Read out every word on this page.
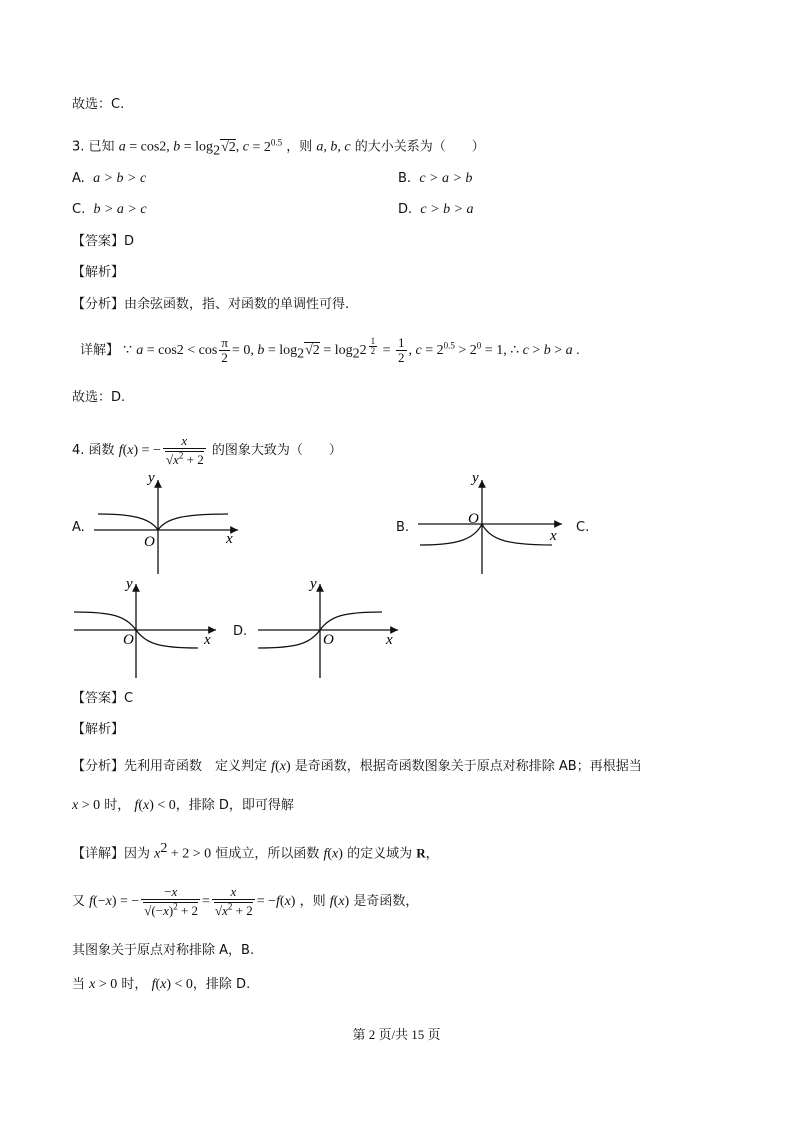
故选：C.
3. 已知 a = cos2, $b = \log_2√2$, $c = 2^{0.5}$ ，则 a, b, c 的大小关系为（　　）
A. a > b > c	B. c > a > b
C. b > a > c	D. c > b > a
【答案】D
【解析】
【分析】由余弦函数，指、对函数的单调性可得.
详解】 ∵ $a = \cos 2 < \cos \frac{\pi}{2} = 0$, $b = \log_2√2 = \log_22$ $^{\frac{1}{2}} = \frac{1}{2}$ , $c = 2^{0.5} > 2^0 = 1$, ∴ c > b > a .
故选：D.
4. 函数 f(x) = − $\frac{x}{√x^2 + 2}$ 的图象大致为（　　）
A.
y
x
O
B.
y
x
O
C.
y
x
O
D.
y
x
O
【答案】C
【解析】
【分析】先利用奇函数　定义判定 f(x) 是奇函数，根据奇函数图象关于原点对称排除 AB；再根据当
x > 0 时， f(x) < 0，排除 D，即可得解
【详解】因为 $x^2 + 2 > 0$ 恒成立，所以函数 f(x) 的定义域为 R，
又 f(−x) = − $\frac{-x}{√(-x)^2 + 2} = \frac{x}{√x^2 + 2} = -f(x)$ ，则 f(x) 是奇函数，
其图象关于原点对称排除 A，B.
当 x > 0 时， f(x) < 0，排除 D.
第 2 页/共 15 页
